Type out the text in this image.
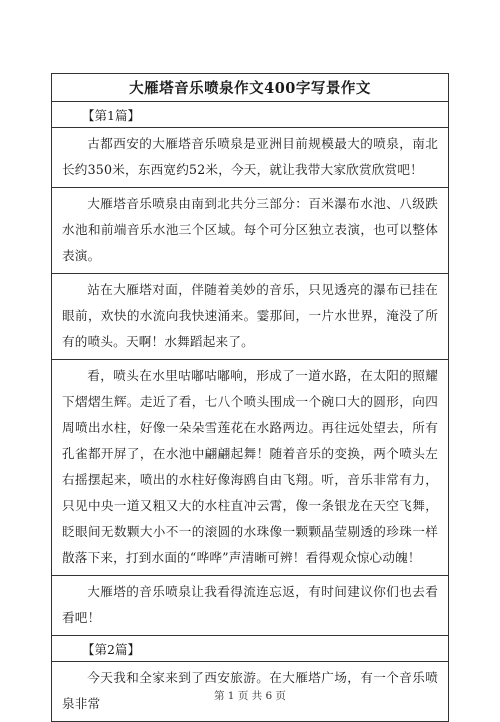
大雁塔音乐喷泉作文400字写景作文
【第1篇】
古都西安的大雁塔音乐喷泉是亚洲目前规模最大的喷泉，南北长约350米，东西宽约52米，今天，就让我带大家欣赏欣赏吧！
大雁塔音乐喷泉由南到北共分三部分：百米瀑布水池、八级跌水池和前端音乐水池三个区域。每个可分区独立表演，也可以整体表演。
站在大雁塔对面，伴随着美妙的音乐，只见透亮的瀑布已挂在眼前，欢快的水流向我快速涌来。霎那间，一片水世界，淹没了所有的喷头。天啊！水舞蹈起来了。
看，喷头在水里咕嘟咕嘟响，形成了一道水路，在太阳的照耀下熠熠生辉。走近了看，七八个喷头围成一个碗口大的圆形，向四周喷出水柱，好像一朵朵雪莲花在水路两边。再往远处望去，所有孔雀都开屏了，在水池中翩翩起舞！随着音乐的变换，两个喷头左右摇摆起来，喷出的水柱好像海鸥自由飞翔。听，音乐非常有力，只见中央一道又粗又大的水柱直冲云霄，像一条银龙在天空飞舞，眨眼间无数颗大小不一的滚圆的水珠像一颗颗晶莹剔透的珍珠一样散落下来，打到水面的“哗哗”声清晰可辨！看得观众惊心动魄！
大雁塔的音乐喷泉让我看得流连忘返，有时间建议你们也去看看吧！
【第2篇】
今天我和全家来到了西安旅游。在大雁塔广场，有一个音乐喷泉非常	第 1 页 共 6 页
